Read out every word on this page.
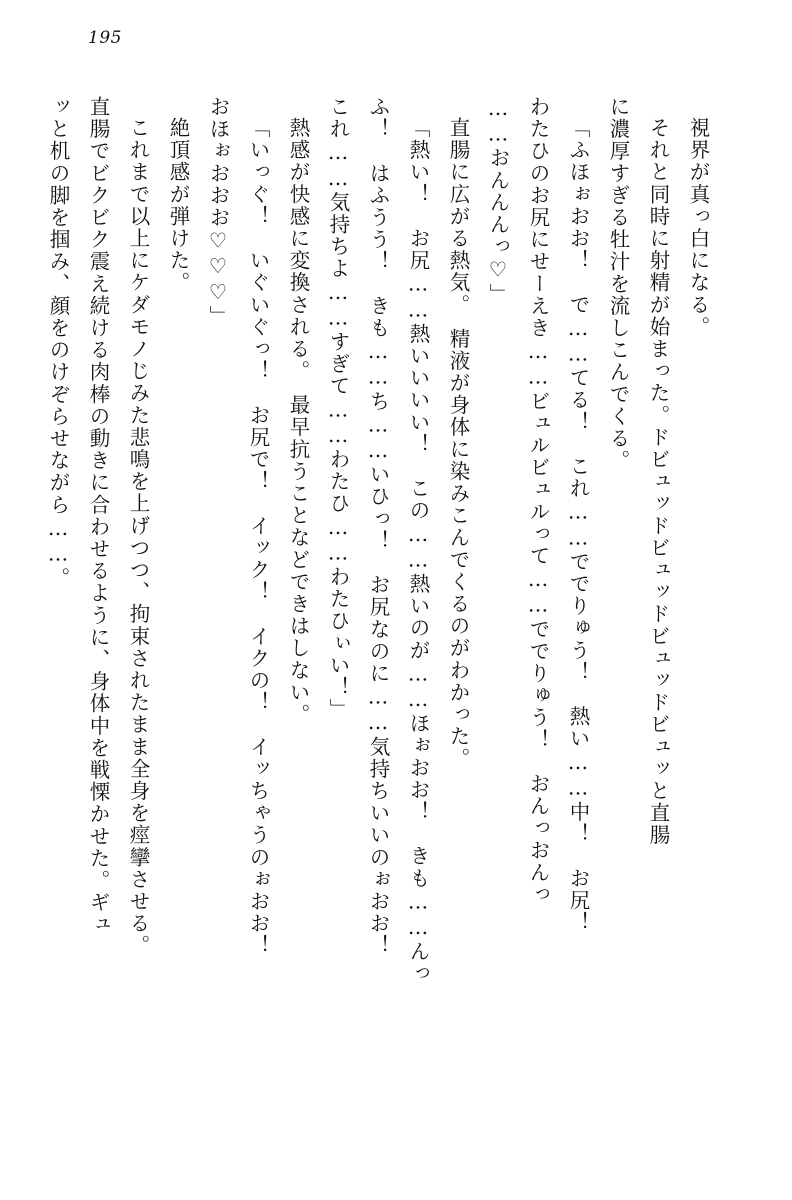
195

視界が真っ白になる。

それと同時に射精が始まった。ドビュッドビュッドビュッドビュッと直腸

に濃厚すぎる牡汁を流しこんでくる。

「ふほぉおお！　で……てる！　これ……ででりゅう！　熱い……中！　お尻！

わたひのお尻にせーえき……ビュルビュルって……ででりゅう！　おんっおんっ

……おんんんっ♡」

直腸に広がる熱気。　精液が身体に染みこんでくるのがわかった。

「熱い！　お尻……熱いいいい！　この……熱いのが……ほぉおお！　きも……んっ

ふ！　はふうう！　きも……ち……いひっ！　お尻なのに……気持ちいいのぉおお！

これ……気持ちよ……すぎて……わたひ……わたひぃい！」

熱感が快感に変換される。　最早抗うことなどできはしない。

「いっぐ！　いぐいぐっ！　お尻で！　イック！　イクの！　イッちゃうのぉおお！

おほぉおおお♡♡♡」

絶頂感が弾けた。

これまで以上にケダモノじみた悲鳴を上げつつ、拘束されたまま全身を痙攣させる。

直腸でビクビク震え続ける肉棒の動きに合わせるように、身体中を戦慄かせた。ギュ

ッと机の脚を掴み、顔をのけぞらせながら……。
